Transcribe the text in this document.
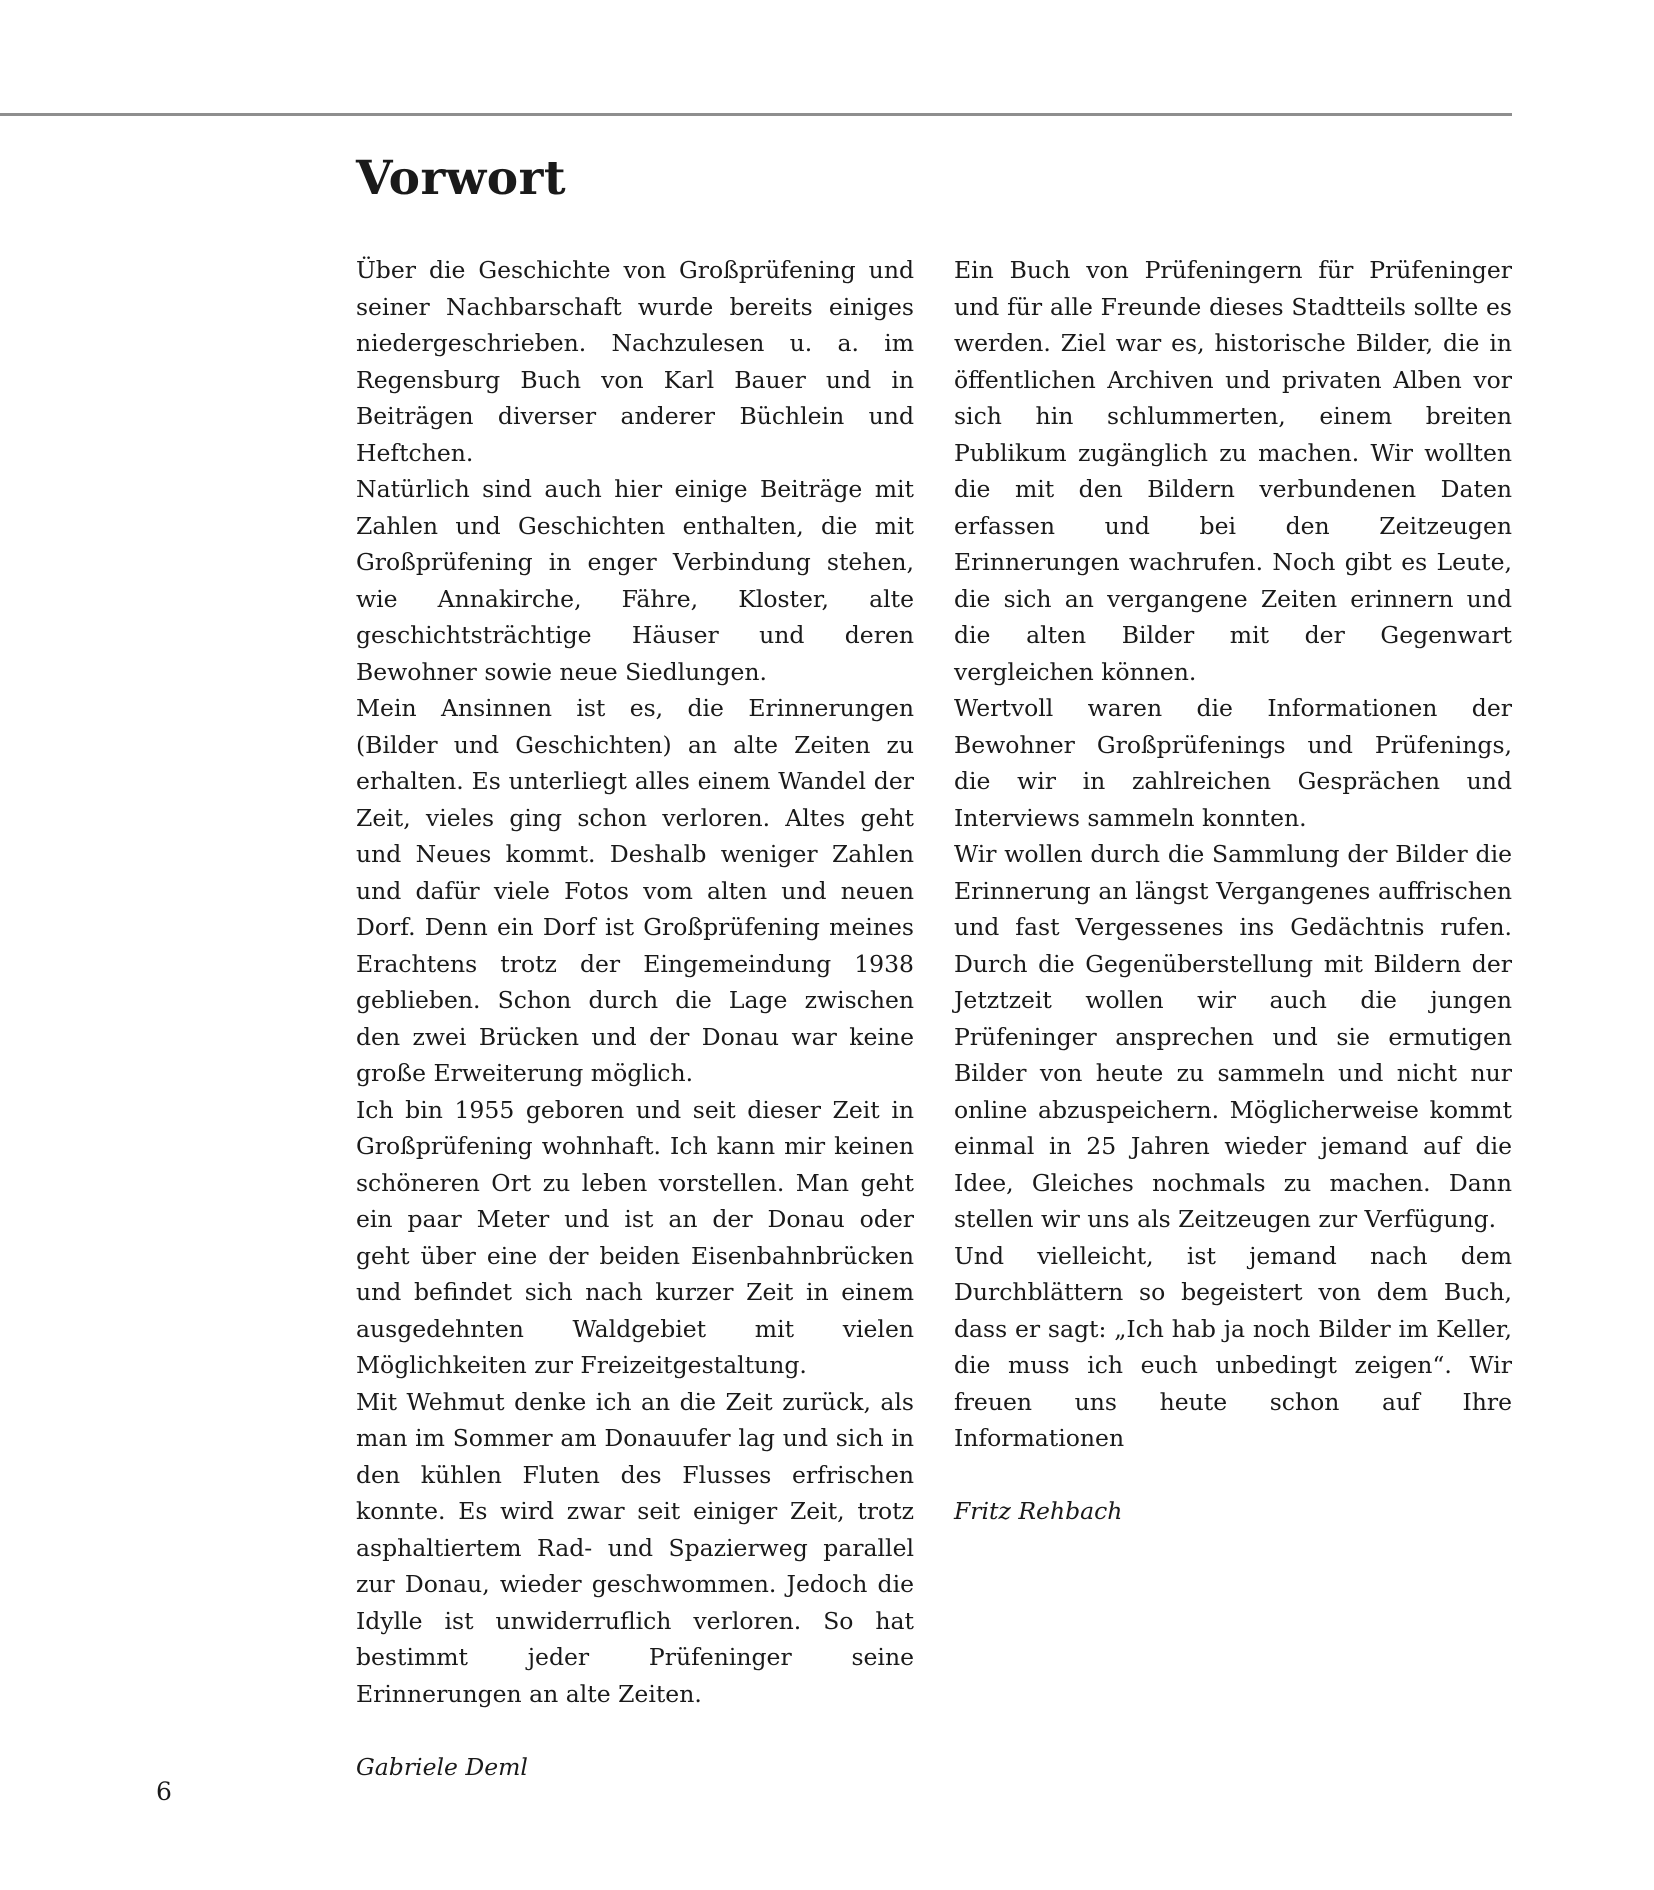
Vorwort

Über die Geschichte von Großprüfening und seiner Nachbarschaft wurde bereits einiges niedergeschrieben. Nachzulesen u. a. im Regensburg Buch von Karl Bauer und in Beiträgen diverser anderer Büchlein und Heftchen.

Natürlich sind auch hier einige Beiträge mit Zahlen und Geschichten enthalten, die mit Großprüfening in enger Verbindung stehen, wie Annakirche, Fähre, Kloster, alte geschichtsträchtige Häuser und deren Bewohner sowie neue Siedlungen.

Mein Ansinnen ist es, die Erinnerungen (Bilder und Geschichten) an alte Zeiten zu erhalten. Es unterliegt alles einem Wandel der Zeit, vieles ging schon verloren. Altes geht und Neues kommt. Deshalb weniger Zahlen und dafür viele Fotos vom alten und neuen Dorf. Denn ein Dorf ist Großprüfening meines Erachtens trotz der Eingemeindung 1938 geblieben. Schon durch die Lage zwischen den zwei Brücken und der Donau war keine große Erweiterung möglich.

Ich bin 1955 geboren und seit dieser Zeit in Großprüfening wohnhaft. Ich kann mir keinen schöneren Ort zu leben vorstellen. Man geht ein paar Meter und ist an der Donau oder geht über eine der beiden Eisenbahnbrücken und befindet sich nach kurzer Zeit in einem ausgedehnten Waldgebiet mit vielen Möglichkeiten zur Freizeitgestaltung.

Mit Wehmut denke ich an die Zeit zurück, als man im Sommer am Donauufer lag und sich in den kühlen Fluten des Flusses erfrischen konnte. Es wird zwar seit einiger Zeit, trotz asphaltiertem Rad- und Spazierweg parallel zur Donau, wieder geschwommen. Jedoch die Idylle ist unwiderruflich verloren. So hat bestimmt jeder Prüfeninger seine Erinnerungen an alte Zeiten.

Gabriele Deml

Ein Buch von Prüfeningern für Prüfeninger und für alle Freunde dieses Stadtteils sollte es werden. Ziel war es, historische Bilder, die in öffentlichen Archiven und privaten Alben vor sich hin schlummerten, einem breiten Publikum zugänglich zu machen. Wir wollten die mit den Bildern verbundenen Daten erfassen und bei den Zeitzeugen Erinnerungen wachrufen. Noch gibt es Leute, die sich an vergangene Zeiten erinnern und die alten Bilder mit der Gegenwart vergleichen können.

Wertvoll waren die Informationen der Bewohner Großprüfenings und Prüfenings, die wir in zahlreichen Gesprächen und Interviews sammeln konnten.

Wir wollen durch die Sammlung der Bilder die Erinnerung an längst Vergangenes auffrischen und fast Vergessenes ins Gedächtnis rufen. Durch die Gegenüberstellung mit Bildern der Jetztzeit wollen wir auch die jungen Prüfeninger ansprechen und sie ermutigen Bilder von heute zu sammeln und nicht nur online abzuspeichern. Möglicherweise kommt einmal in 25 Jahren wieder jemand auf die Idee, Gleiches nochmals zu machen. Dann stellen wir uns als Zeitzeugen zur Verfügung.

Und vielleicht, ist jemand nach dem Durchblättern so begeistert von dem Buch, dass er sagt: „Ich hab ja noch Bilder im Keller, die muss ich euch unbedingt zeigen“. Wir freuen uns heute schon auf Ihre Informationen

Fritz Rehbach

6
